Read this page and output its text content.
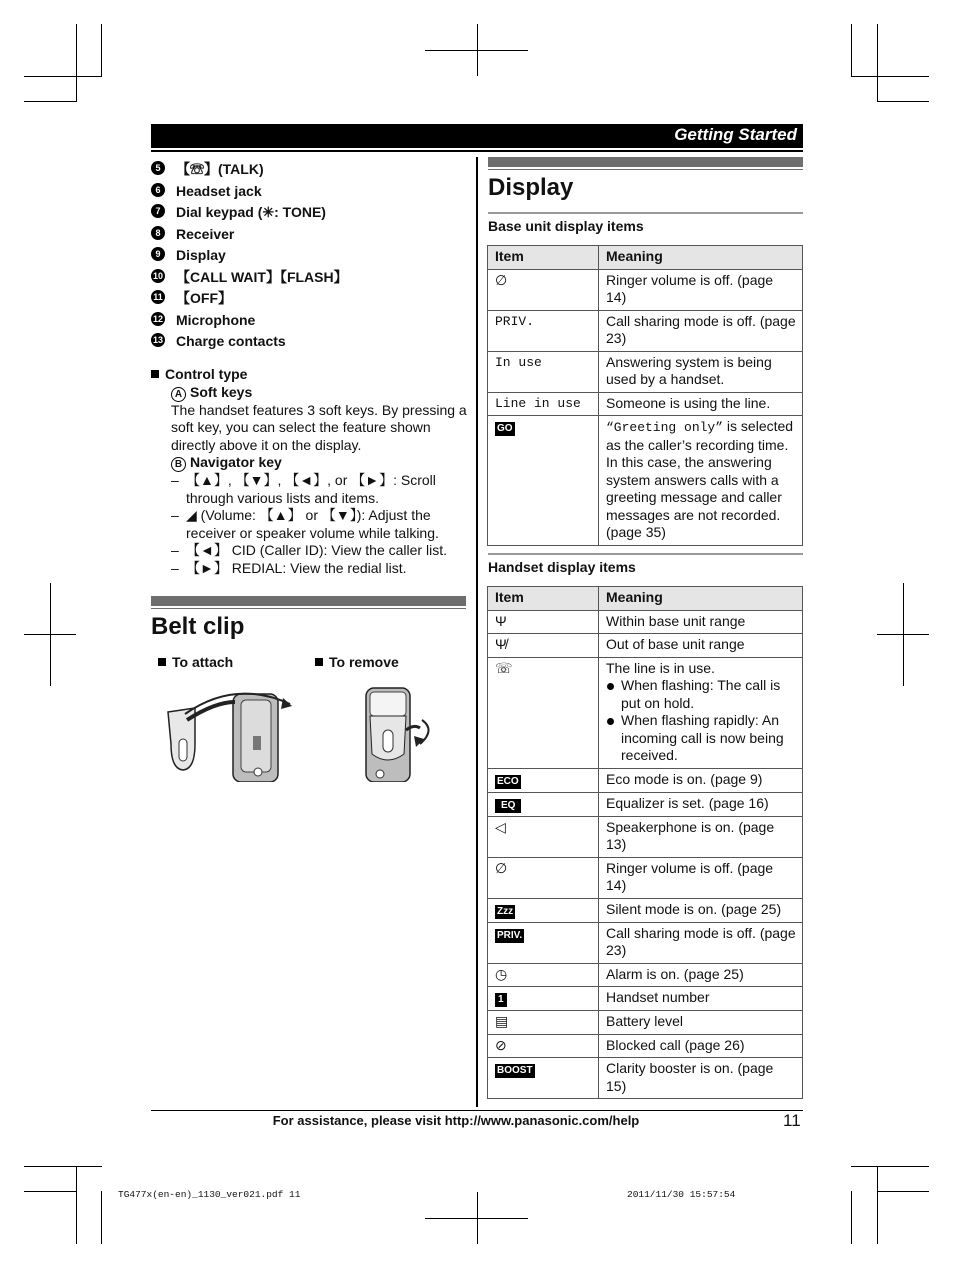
Getting Started
5	【☏】(TALK)
6	Headset jack
7	Dial keypad (✳: TONE)
8	Receiver
9	Display
10 【CALL WAIT】【FLASH】
11 【OFF】
12 Microphone
13 Charge contacts
Control type
A Soft keys
The handset features 3 soft keys. By pressing a soft key, you can select the feature shown directly above it on the display.
B Navigator key
– 【▲】, 【▼】, 【◄】, or 【►】: Scroll through various lists and items.
– ◢ (Volume: 【▲】 or 【▼】): Adjust the receiver or speaker volume while talking.
– 【◄】 CID (Caller ID): View the caller list.
– 【►】 REDIAL: View the redial list.
Belt clip
To attach	To remove
Display
Base unit display items
Item	Meaning
∅	Ringer volume is off. (page 14)
PRIV.	Call sharing mode is off. (page 23)
In use	Answering system is being used by a handset.
Line in use	Someone is using the line.
GO	“Greeting only” is selected as the caller’s recording time. In this case, the answering system answers calls with a greeting message and caller messages are not recorded. (page 35)
Handset display items
Item	Meaning
Ψ	Within base unit range
Ψ̸	Out of base unit range
☏	The line is in use.
When flashing: The call is put on hold.
When flashing rapidly: An incoming call is now being received.

ECO	Eco mode is on. (page 9)
EQ	Equalizer is set. (page 16)
◁	Speakerphone is on. (page 13)
∅	Ringer volume is off. (page 14)
Zzz	Silent mode is on. (page 25)
PRIV.	Call sharing mode is off. (page 23)
◷	Alarm is on. (page 25)
1	Handset number
▤	Battery level
⊘	Blocked call (page 26)
BOOST	Clarity booster is on. (page 15)
For assistance, please visit http://www.panasonic.com/help	11
TG477x(en-en)_1130_ver021.pdf 11	2011/11/30 15:57:54
